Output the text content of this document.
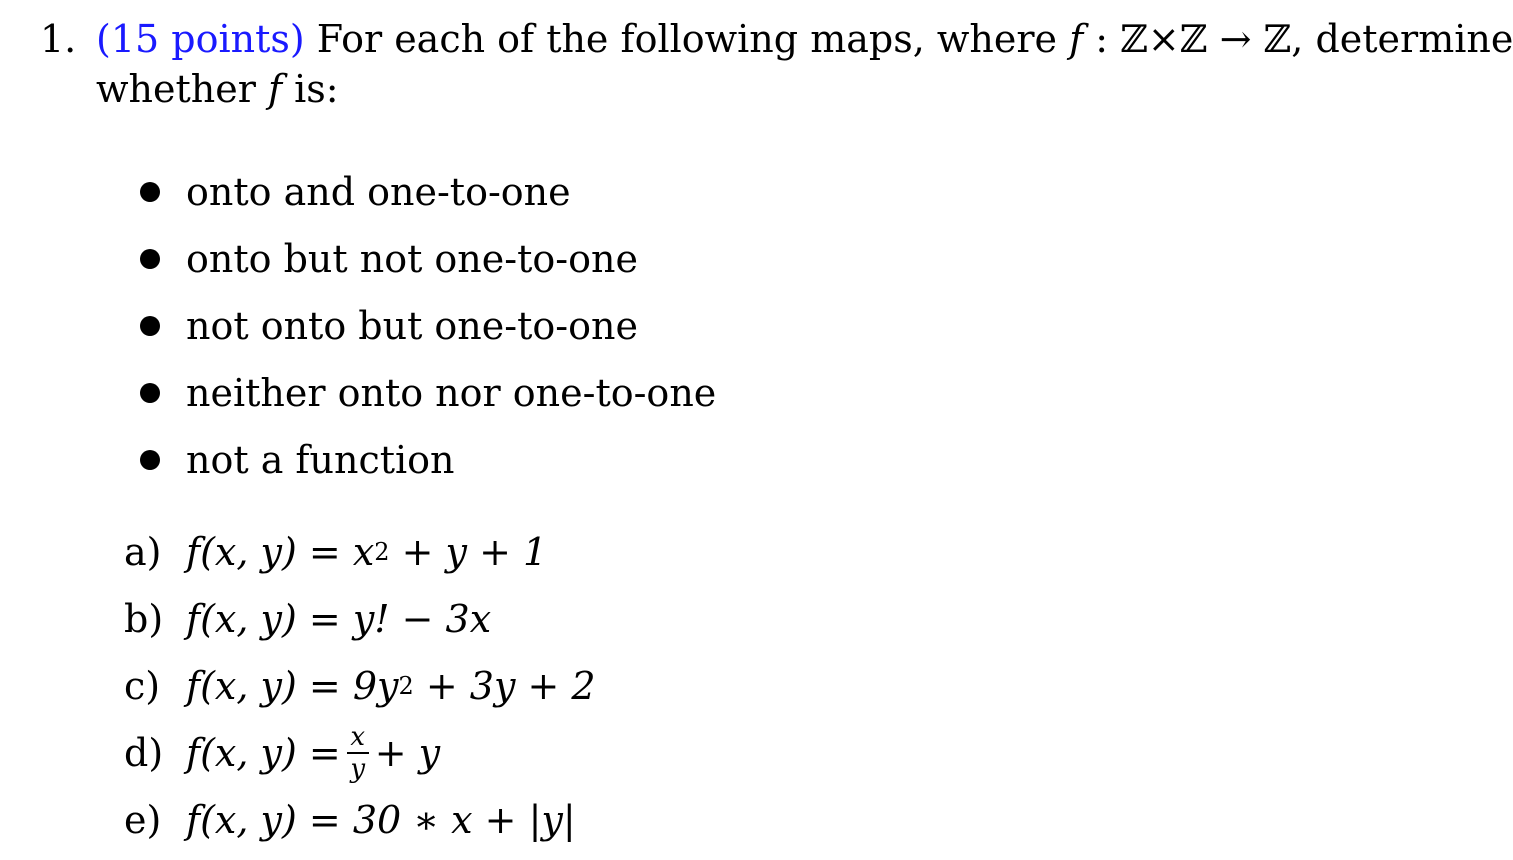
1. (15 points) For each of the following maps, where f : ℤ×ℤ → ℤ, determine
whether f is:
onto and one-to-one
onto but not one-to-one
not onto but one-to-one
neither onto nor one-to-one
not a function
a) f(x, y)
=
x 2
+ y + 1
b) f(x, y)
=
y! − 3x
c) f(x, y)
=
9y 2
+ 3y + 2
d) f(x, y)
= $\frac{x}{y} + y$
e) f(x, y)
=
30 ∗ x + |y|
